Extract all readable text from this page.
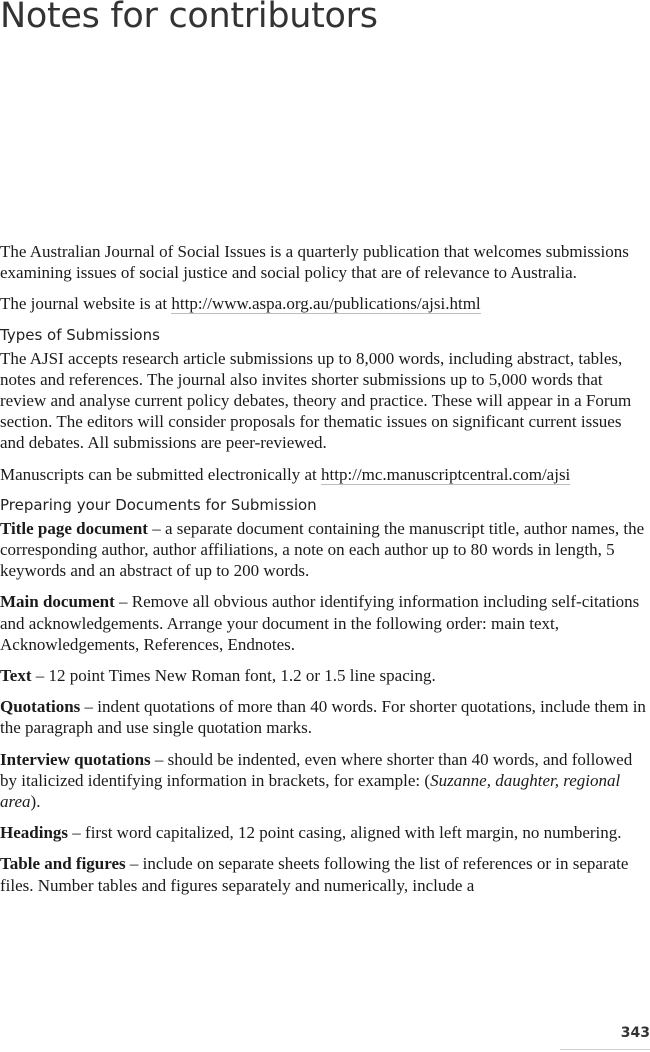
Notes for contributors

The Australian Journal of Social Issues is a quarterly publication that welcomes submissions examining issues of social justice and social policy that are of relevance to Australia.

The journal website is at http://www.aspa.org.au/publications/ajsi.html

Types of Submissions

The AJSI accepts research article submissions up to 8,000 words, including abstract, tables, notes and references. The journal also invites shorter submissions up to 5,000 words that review and analyse current policy debates, theory and practice. These will appear in a Forum section. The editors will consider proposals for thematic issues on significant current issues and debates. All submissions are peer-reviewed.

Manuscripts can be submitted electronically at http://mc.manuscriptcentral.com/ajsi

Preparing your Documents for Submission

Title page document – a separate document containing the manuscript title, author names, the corresponding author, author affiliations, a note on each author up to 80 words in length, 5 keywords and an abstract of up to 200 words.

Main document – Remove all obvious author identifying information including self-citations and acknowledgements. Arrange your document in the following order: main text, Acknowledgements, References, Endnotes.

Text – 12 point Times New Roman font, 1.2 or 1.5 line spacing.

Quotations – indent quotations of more than 40 words. For shorter quotations, include them in the paragraph and use single quotation marks.

Interview quotations – should be indented, even where shorter than 40 words, and followed by italicized identifying information in brackets, for example: (Suzanne, daughter, regional area).

Headings – first word capitalized, 12 point casing, aligned with left margin, no numbering.

Table and figures – include on separate sheets following the list of references or in separate files. Number tables and figures separately and numerically, include a

343
